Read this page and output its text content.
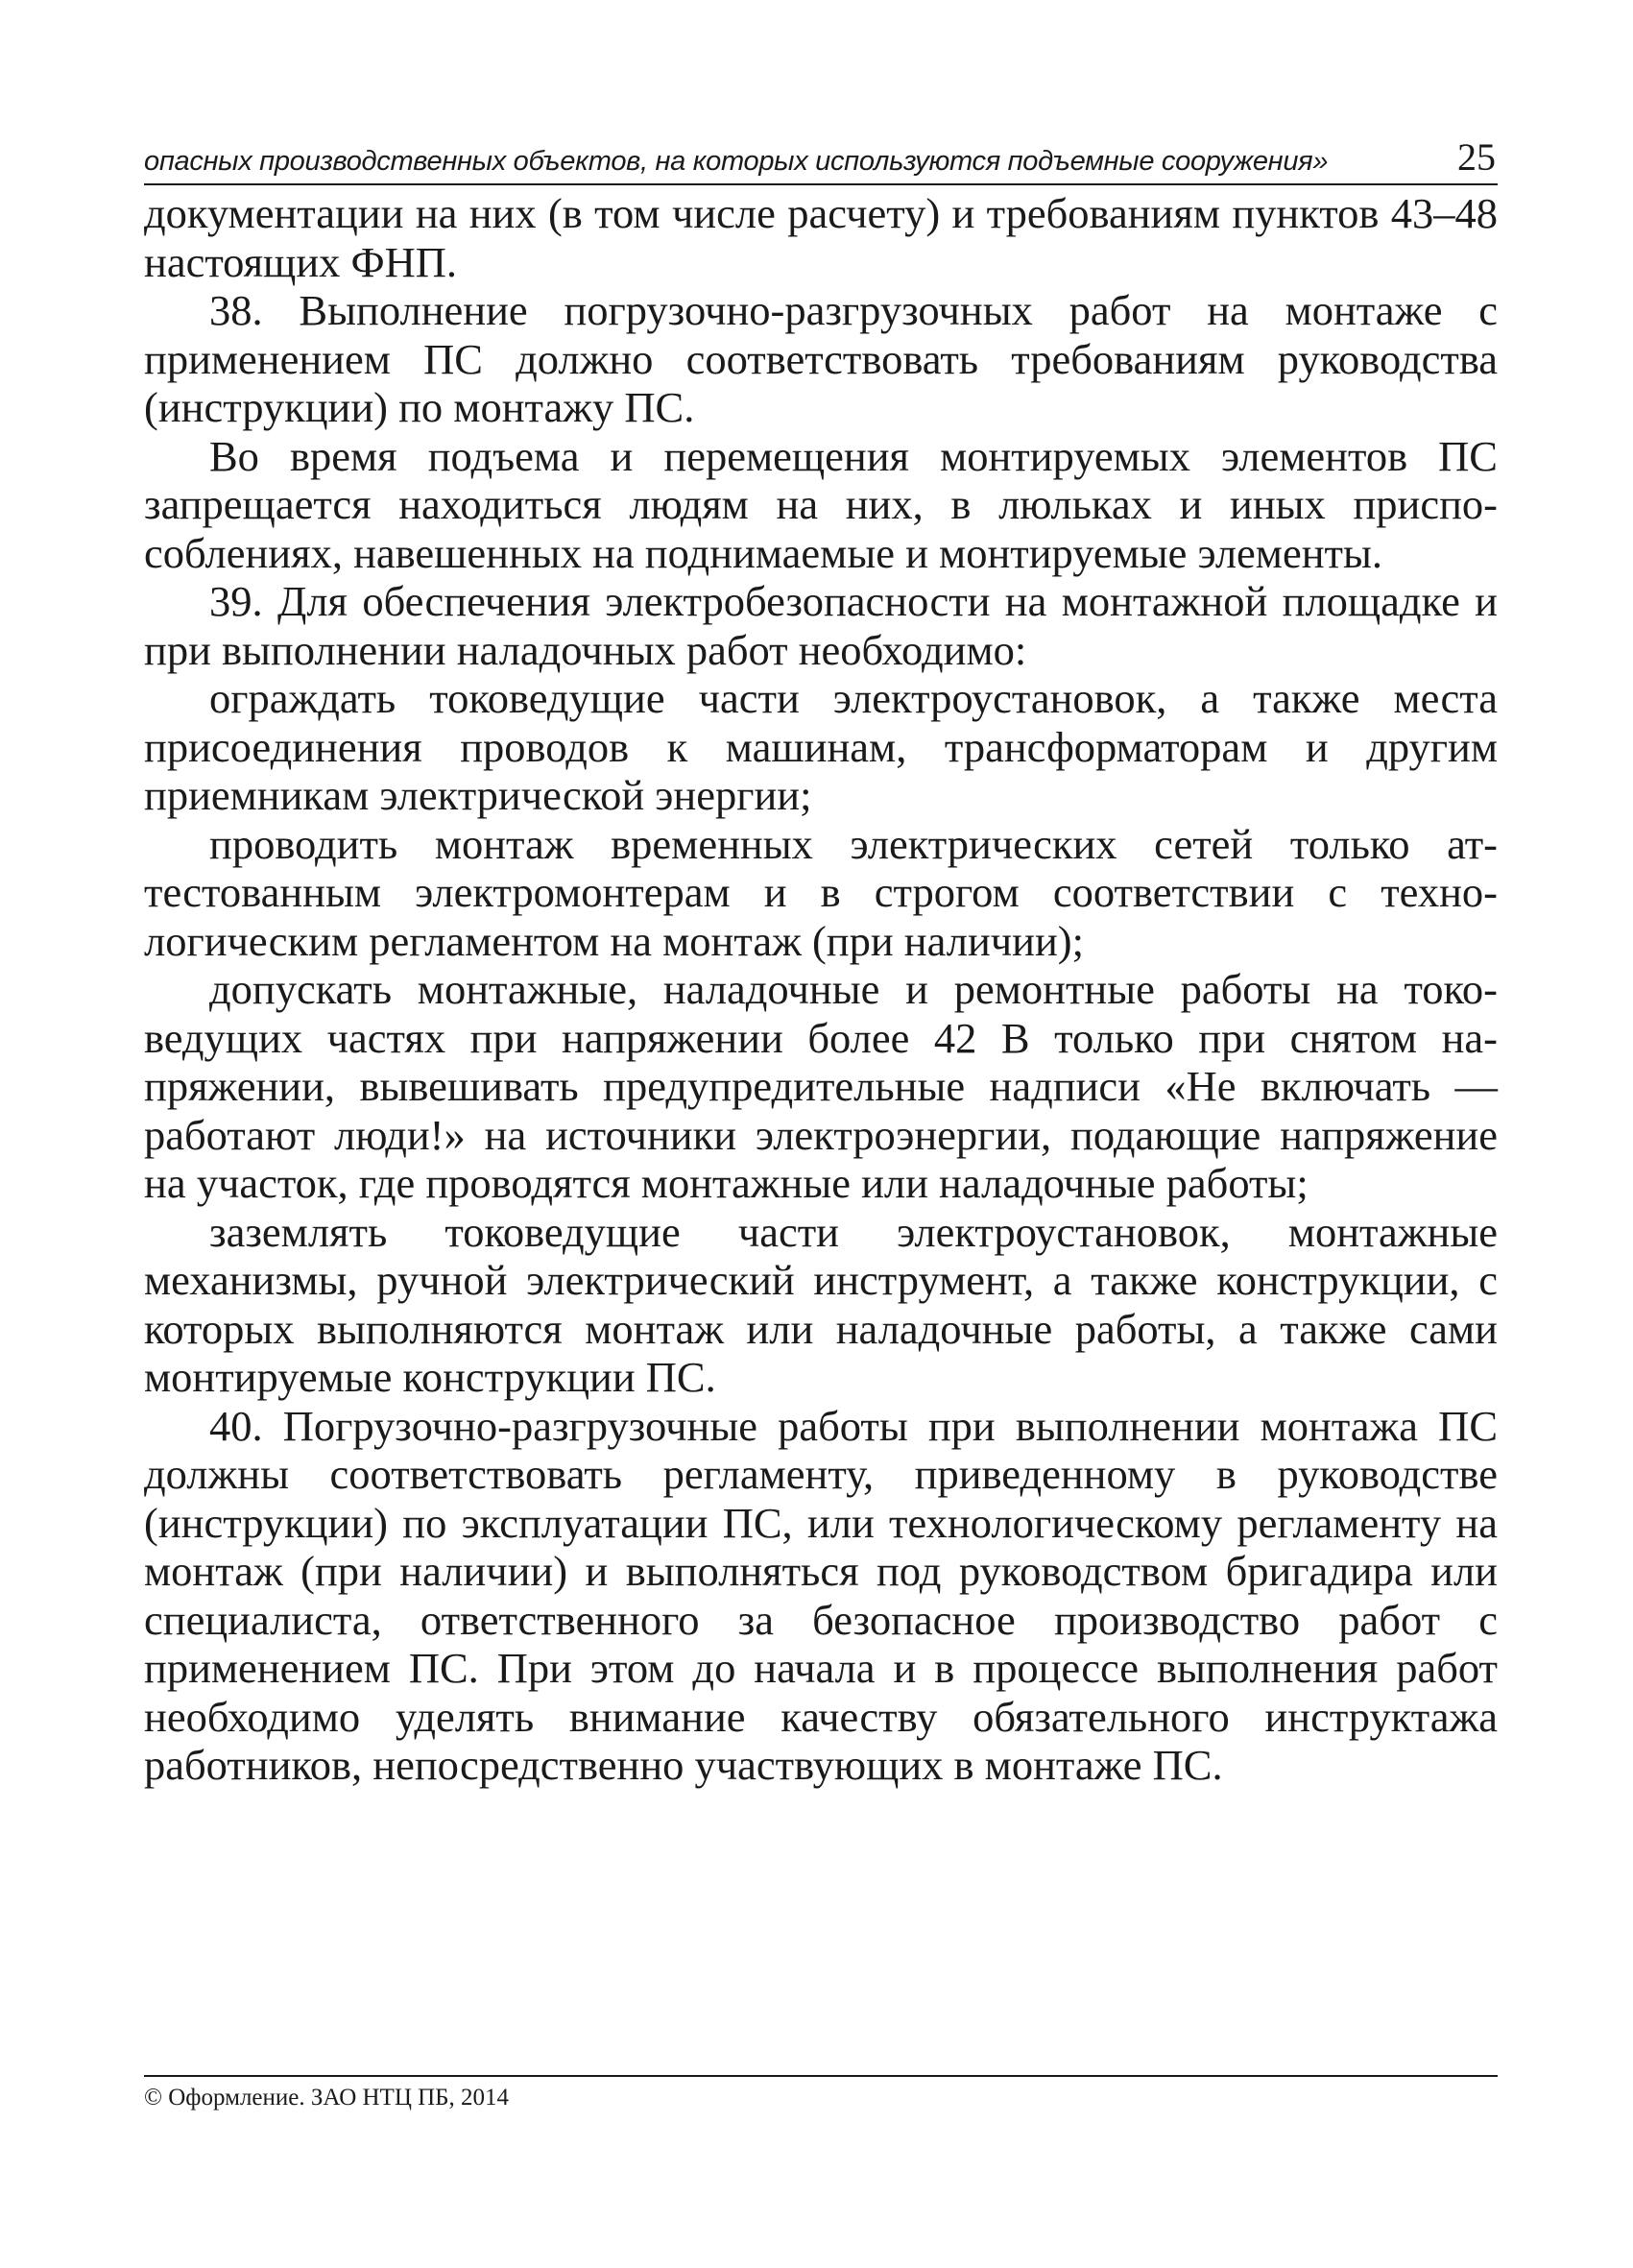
опасных производственных объектов, на которых используются подъемные сооружения»	25

документации на них (в том числе расчету) и требованиям пунктов 43–48 настоящих ФНП.

38. Выполнение погрузочно-разгрузочных работ на монтаже с применением ПС должно соответствовать требованиям руководства (инструкции) по монтажу ПС.

Во время подъема и перемещения монтируемых элементов ПС запрещается находиться людям на них, в люльках и иных приспособлениях, навешенных на поднимаемые и монтируемые элементы.

39. Для обеспечения электробезопасности на монтажной площадке и при выполнении наладочных работ необходимо:

ограждать токоведущие части электроустановок, а также места присоединения проводов к машинам, трансформаторам и другим приемникам электрической энергии;

проводить монтаж временных электрических сетей только аттестованным электромонтерам и в строгом соответствии с технологическим регламентом на монтаж (при наличии);

допускать монтажные, наладочные и ремонтные работы на токоведущих частях при напряжении более 42 В только при снятом напряжении, вывешивать предупредительные надписи «Не включать — работают люди!» на источники электроэнергии, подающие напряжение на участок, где проводятся монтажные или наладочные работы;

заземлять токоведущие части электроустановок, монтажные механизмы, ручной электрический инструмент, а также конструкции, с которых выполняются монтаж или наладочные работы, а также сами монтируемые конструкции ПС.

40. Погрузочно-разгрузочные работы при выполнении монтажа ПС должны соответствовать регламенту, приведенному в руководстве (инструкции) по эксплуатации ПС, или технологическому регламенту на монтаж (при наличии) и выполняться под руководством бригадира или специалиста, ответственного за безопасное производство работ с применением ПС. При этом до начала и в процессе выполнения работ необходимо уделять внимание качеству обязательного инструктажа работников, непосредственно участвующих в монтаже ПС.

© Оформление. ЗАО НТЦ ПБ, 2014
